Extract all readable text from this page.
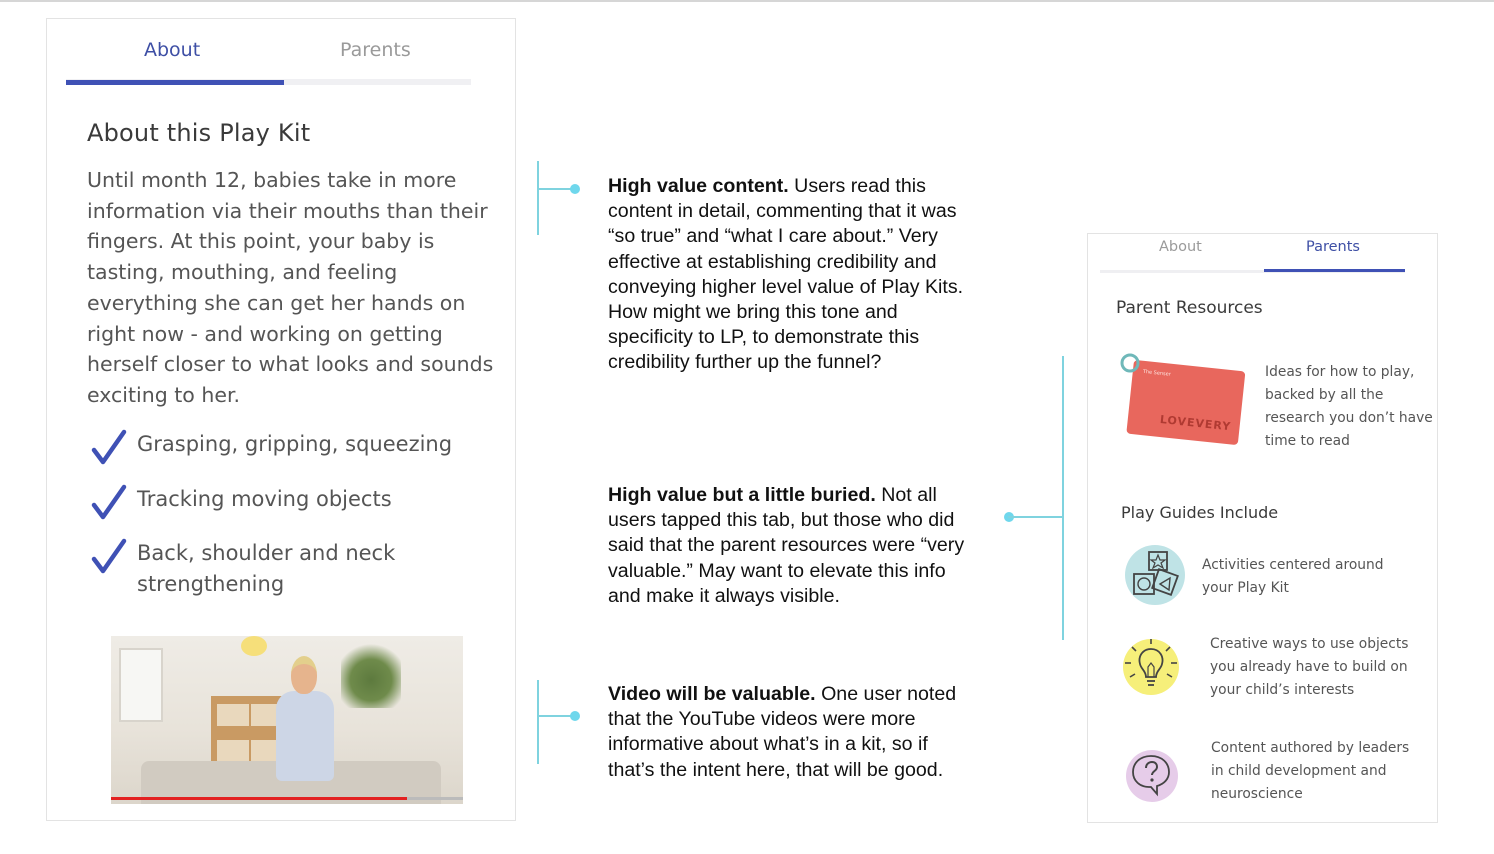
About	Parents
About this Play Kit
Until month 12, babies take in more information via their mouths than their fingers. At this point, your baby is tasting, mouthing, and feeling everything she can get her hands on right now - and working on getting herself closer to what looks and sounds exciting to her.
Grasping, gripping, squeezing
Tracking moving objects
Back, shoulder and neck strengthening
High value content. Users read this content in detail, commenting that it was “so true” and “what I care about.” Very effective at establishing credibility and conveying higher level value of Play Kits. How might we bring this tone and specificity to LP, to demonstrate this credibility further up the funnel?
High value but a little buried. Not all users tapped this tab, but those who did said that the parent resources were “very valuable.” May want to elevate this info and make it always visible.
Video will be valuable. One user noted that the YouTube videos were more informative about what’s in a kit, so if that’s the intent here, that will be good.
About	Parents
Parent Resources
The Senser
LOVEVERY
Ideas for how to play, backed by all the research you don’t have time to read
Play Guides Include
Activities centered around your Play Kit
Creative ways to use objects you already have to build on your child’s interests
Content authored by leaders in child development and neuroscience
